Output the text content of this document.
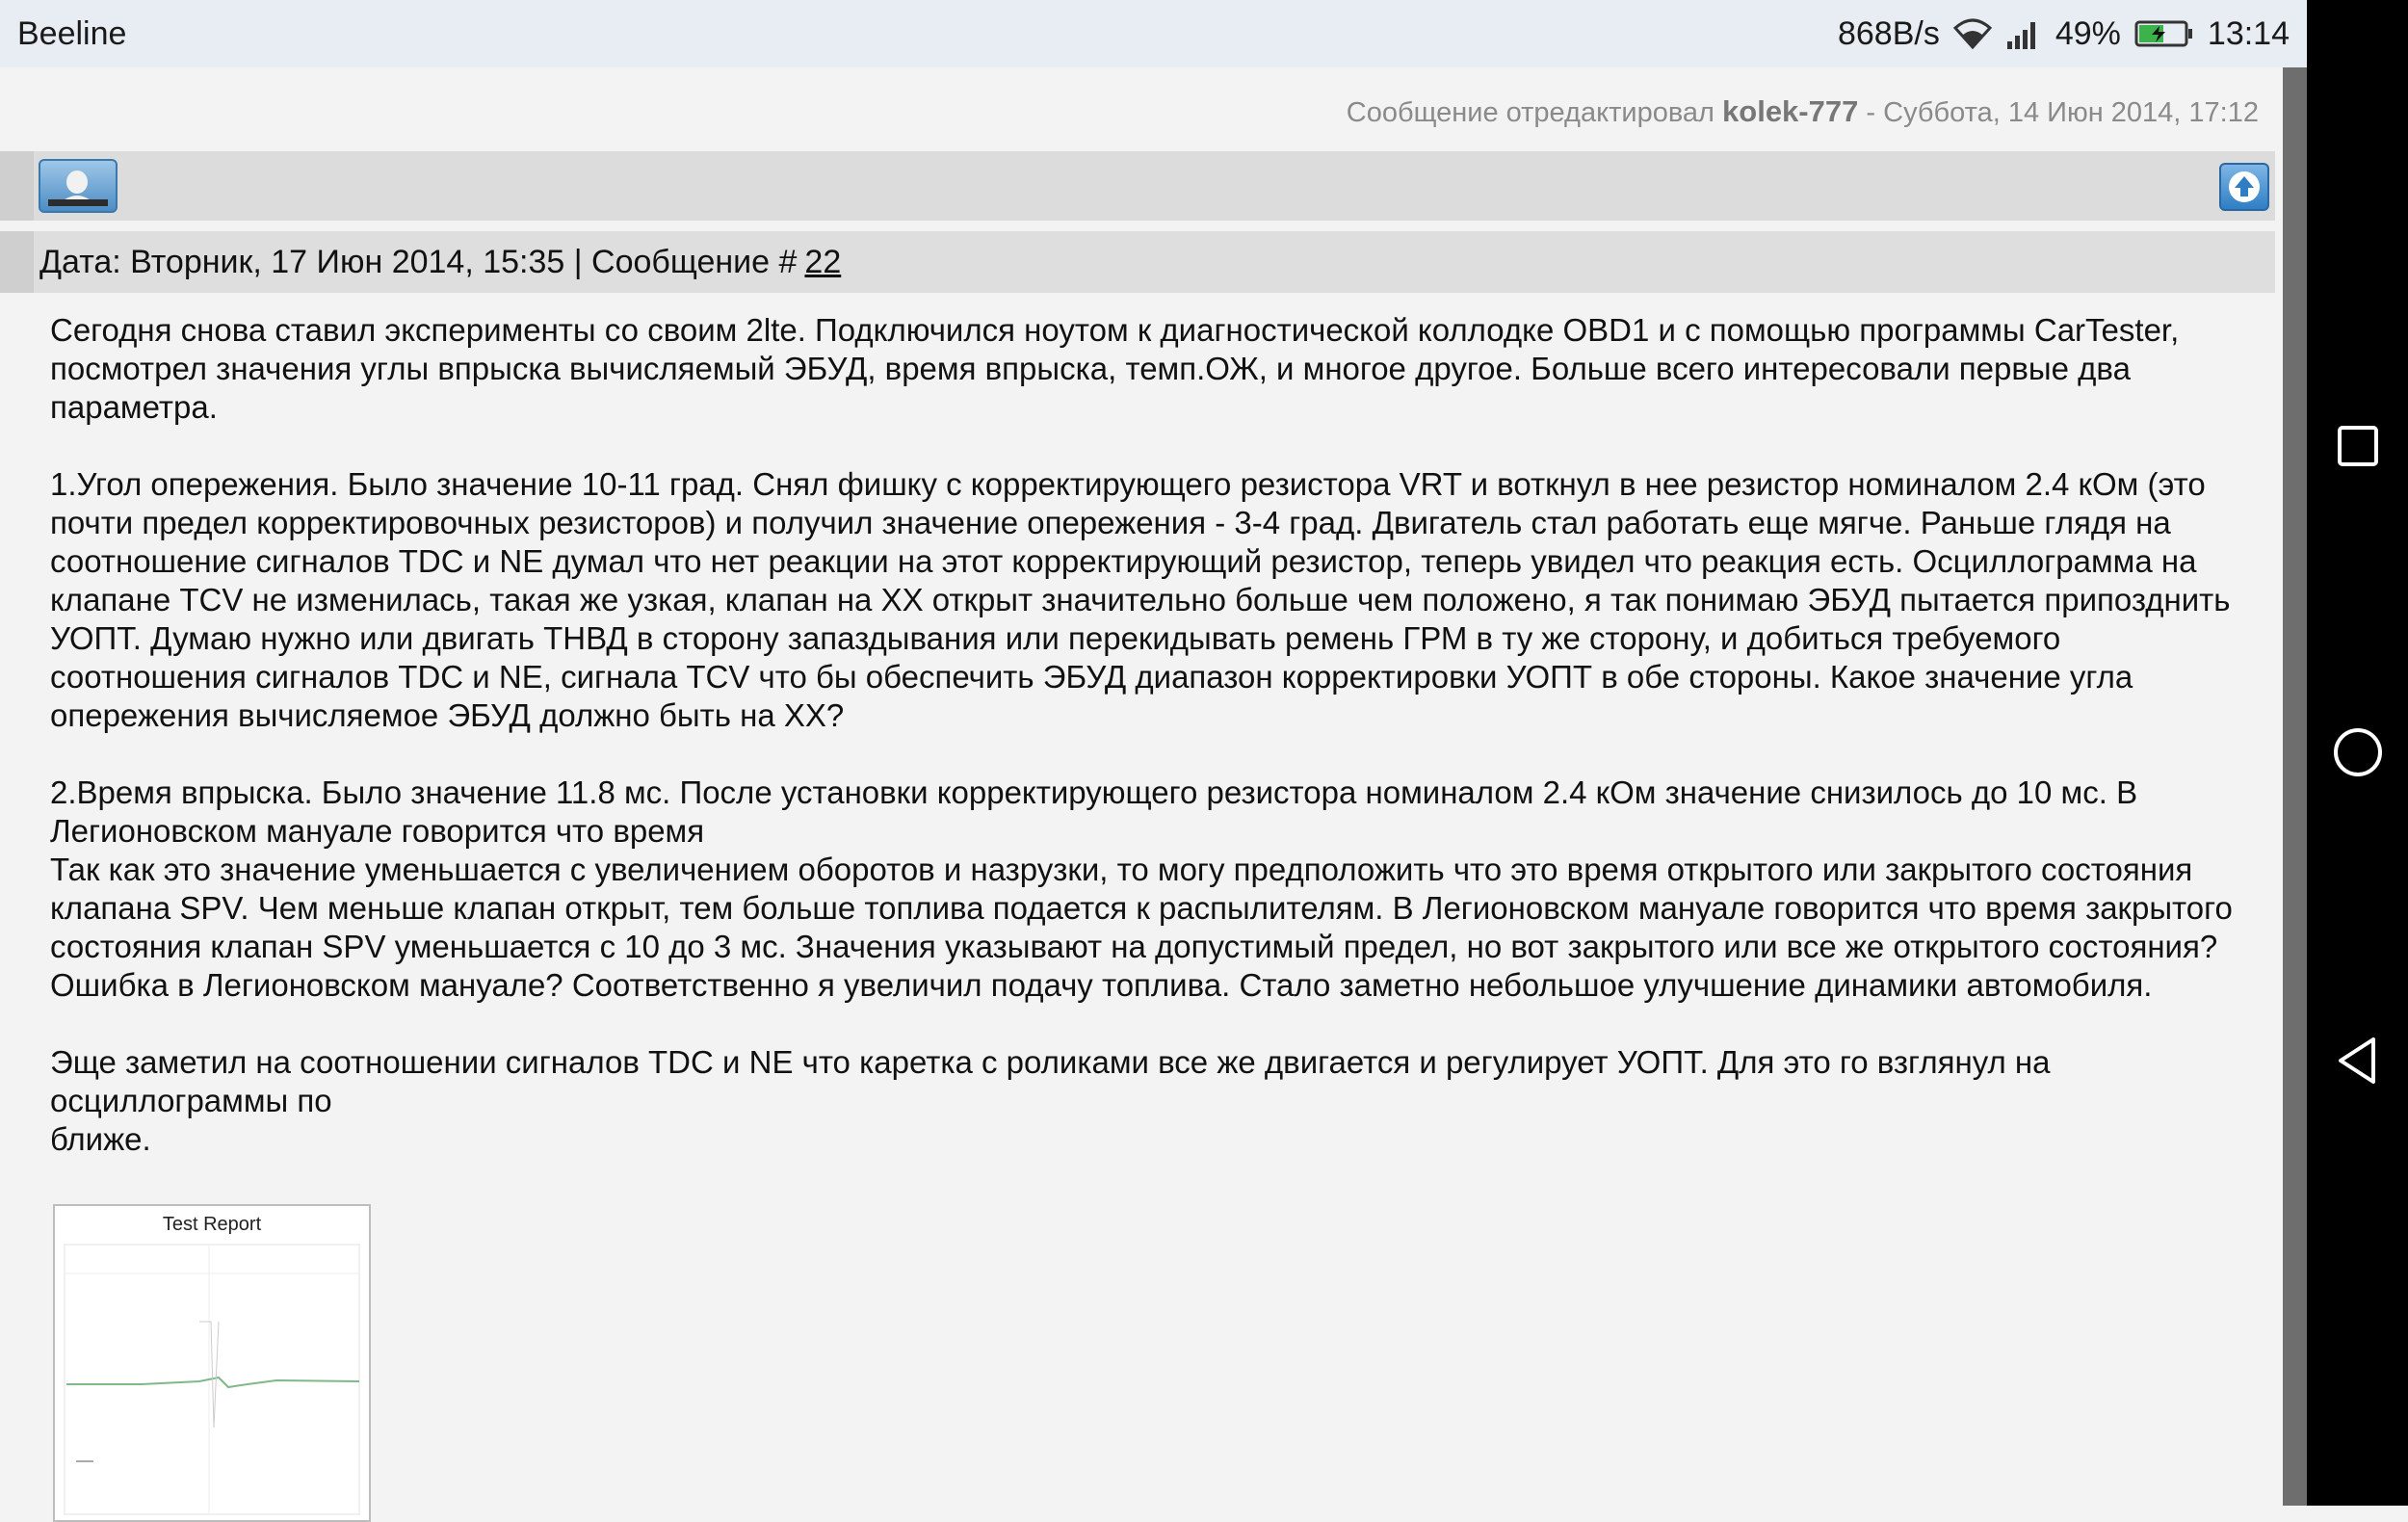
Beeline	868B/s	49%	13:14
Сообщение отредактировал kolek-777 - Суббота, 14 Июн 2014, 17:12
Дата: Вторник, 17 Июн 2014, 15:35 | Сообщение # 22

Сегодня снова ставил эксперименты со своим 2lte. Подключился ноутом к диагностической коллодке OBD1 и с помощью программы CarTester, посмотрел значения углы впрыска вычисляемый ЭБУД, время впрыска, темп.ОЖ, и многое другое. Больше всего интересовали первые два параметра.

1.Угол опережения. Было значение 10-11 град. Снял фишку с корректирующего резистора VRT и воткнул в нее резистор номиналом 2.4 кОм (это почти предел корректировочных резисторов) и получил значение опережения - 3-4 град. Двигатель стал работать еще мягче. Раньше глядя на соотношение сигналов TDC и NE думал что нет реакции на этот корректирующий резистор, теперь увидел что реакция есть. Осциллограмма на клапане TCV не изменилась, такая же узкая, клапан на ХХ открыт значительно больше чем положено, я так понимаю ЭБУД пытается припозднить УОПТ. Думаю нужно или двигать ТНВД в сторону запаздывания или перекидывать ремень ГРМ в ту же сторону, и добиться требуемого соотношения сигналов TDC и NE, сигнала TCV что бы обеспечить ЭБУД диапазон корректировки УОПТ в обе стороны. Какое значение угла опережения вычисляемое ЭБУД должно быть на ХХ?

2.Время впрыска. Было значение 11.8 мс. После установки корректирующего резистора номиналом 2.4 кОм значение снизилось до 10 мс. В Легионовском мануале говорится что время

Так как это значение уменьшается с увеличением оборотов и назрузки, то могу предположить что это время открытого или закрытого состояния клапана SPV. Чем меньше клапан открыт, тем больше топлива подается к распылителям. В Легионовском мануале говорится что время закрытого состояния клапан SPV уменьшается с 10 до 3 мс. Значения указывают на допустимый предел, но вот закрытого или все же открытого состояния? Ошибка в Легионовском мануале? Соответственно я увеличил подачу топлива. Стало заметно небольшое улучшение динамики автомобиля.

Эще заметил на соотношении сигналов TDC и NE что каретка с роликами все же двигается и регулирует УОПТ. Для это го взглянул на осциллограммы по

ближе.

Test Report
